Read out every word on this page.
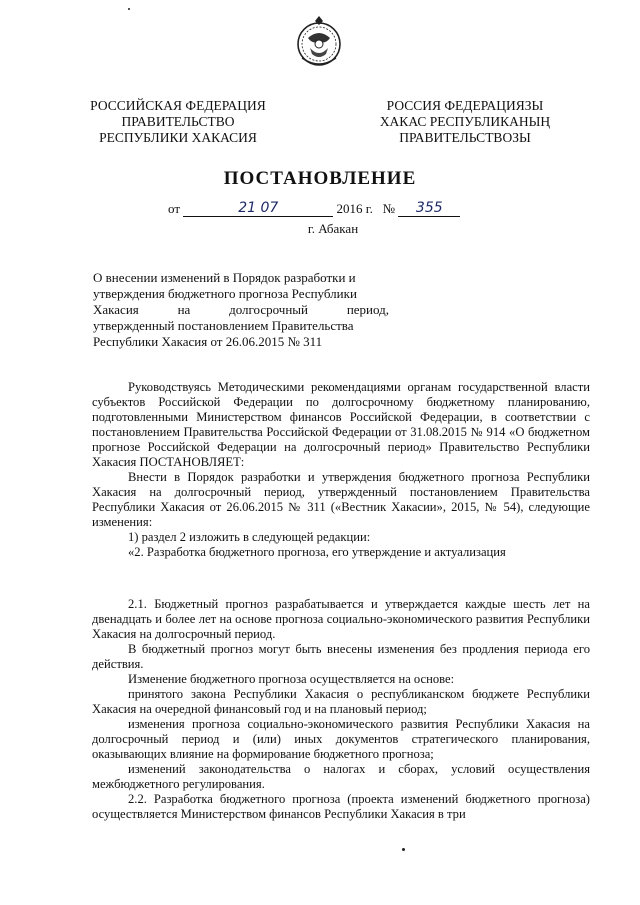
РОССИЙСКАЯ ФЕДЕРАЦИЯ
ПРАВИТЕЛЬСТВО
РЕСПУБЛИКИ ХАКАСИЯ
РОССИЯ ФЕДЕРАЦИЯЗЫ
ХАКАС РЕСПУБЛИКАНЫҢ
ПРАВИТЕЛЬСТВОЗЫ
ПОСТАНОВЛЕНИЕ
от	21 07	2016 г. № 355
г. Абакан
О внесении изменений в Порядок разработки и
утверждения бюджетного прогноза Республики
Хакасия на долгосрочный период,
утвержденный постановлением Правительства
Республики Хакасия от 26.06.2015 № 311

Руководствуясь Методическими рекомендациями органам государственной власти субъектов Российской Федерации по долгосрочному бюджетному планированию, подготовленными Министерством финансов Российской Федерации, в соответствии с постановлением Правительства Российской Федерации от 31.08.2015 № 914 «О бюджетном прогнозе Российской Федерации на долгосрочный период» Правительство Республики Хакасия ПОСТАНОВЛЯЕТ:

Внести в Порядок разработки и утверждения бюджетного прогноза Республики Хакасия на долгосрочный период, утвержденный постановлением Правительства Республики Хакасия от 26.06.2015 № 311 («Вестник Хакасии», 2015, № 54), следующие изменения:

1) раздел 2 изложить в следующей редакции:

«2. Разработка бюджетного прогноза, его утверждение и актуализация

2.1. Бюджетный прогноз разрабатывается и утверждается каждые шесть лет на двенадцать и более лет на основе прогноза социально-экономического развития Республики Хакасия на долгосрочный период.

В бюджетный прогноз могут быть внесены изменения без продления периода его действия.

Изменение бюджетного прогноза осуществляется на основе:

принятого закона Республики Хакасия о республиканском бюджете Республики Хакасия на очередной финансовый год и на плановый период;

изменения прогноза социально-экономического развития Республики Хакасия на долгосрочный период и (или) иных документов стратегического планирования, оказывающих влияние на формирование бюджетного прогноза;

изменений законодательства о налогах и сборах, условий осуществления межбюджетного регулирования.

2.2. Разработка бюджетного прогноза (проекта изменений бюджетного прогноза) осуществляется Министерством финансов Республики Хакасия в три
